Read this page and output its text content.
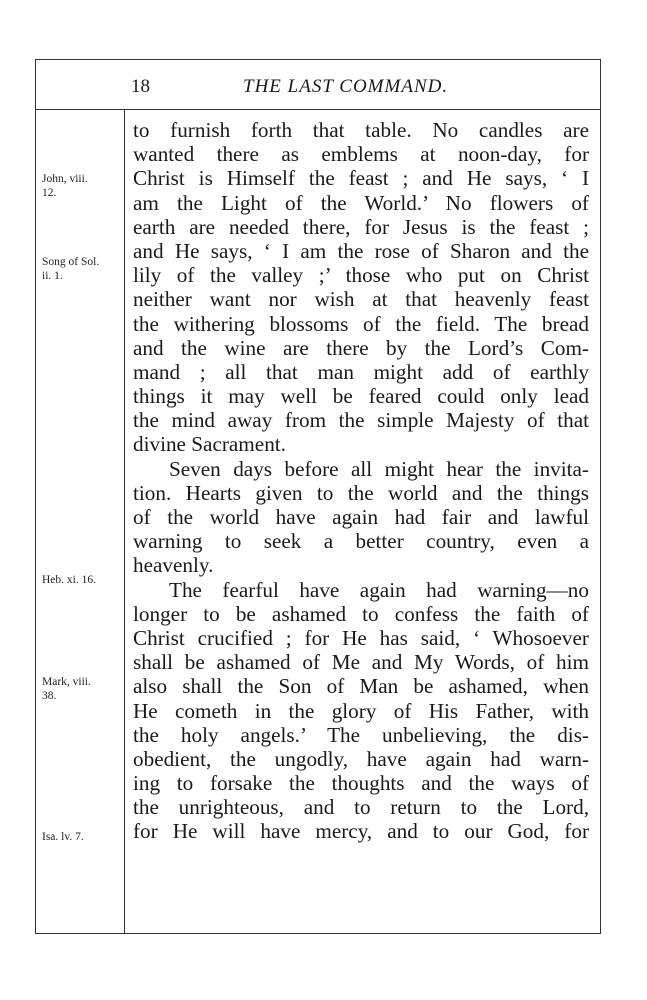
18	THE LAST COMMAND.
John, viii.
12.
Song of Sol.
ii. 1.
Heb. xi. 16.
Mark, viii.
38.
Isa. lv. 7.
to furnish forth that table. No candles are
wanted there as emblems at noon-day, for
Christ is Himself the feast ; and He says, ‘ I
am the Light of the World.’ No flowers of
earth are needed there, for Jesus is the feast ;
and He says, ‘ I am the rose of Sharon and the
lily of the valley ;’ those who put on Christ
neither want nor wish at that heavenly feast
the withering blossoms of the field. The bread
and the wine are there by the Lord’s Com-
mand ; all that man might add of earthly
things it may well be feared could only lead
the mind away from the simple Majesty of that
divine Sacrament.
Seven days before all might hear the invita-
tion. Hearts given to the world and the things
of the world have again had fair and lawful
warning to seek a better country, even a
heavenly.
The fearful have again had warning—no
longer to be ashamed to confess the faith of
Christ crucified ; for He has said, ‘ Whosoever
shall be ashamed of Me and My Words, of him
also shall the Son of Man be ashamed, when
He cometh in the glory of His Father, with
the holy angels.’ The unbelieving, the dis-
obedient, the ungodly, have again had warn-
ing to forsake the thoughts and the ways of
the unrighteous, and to return to the Lord,
for He will have mercy, and to our God, for
